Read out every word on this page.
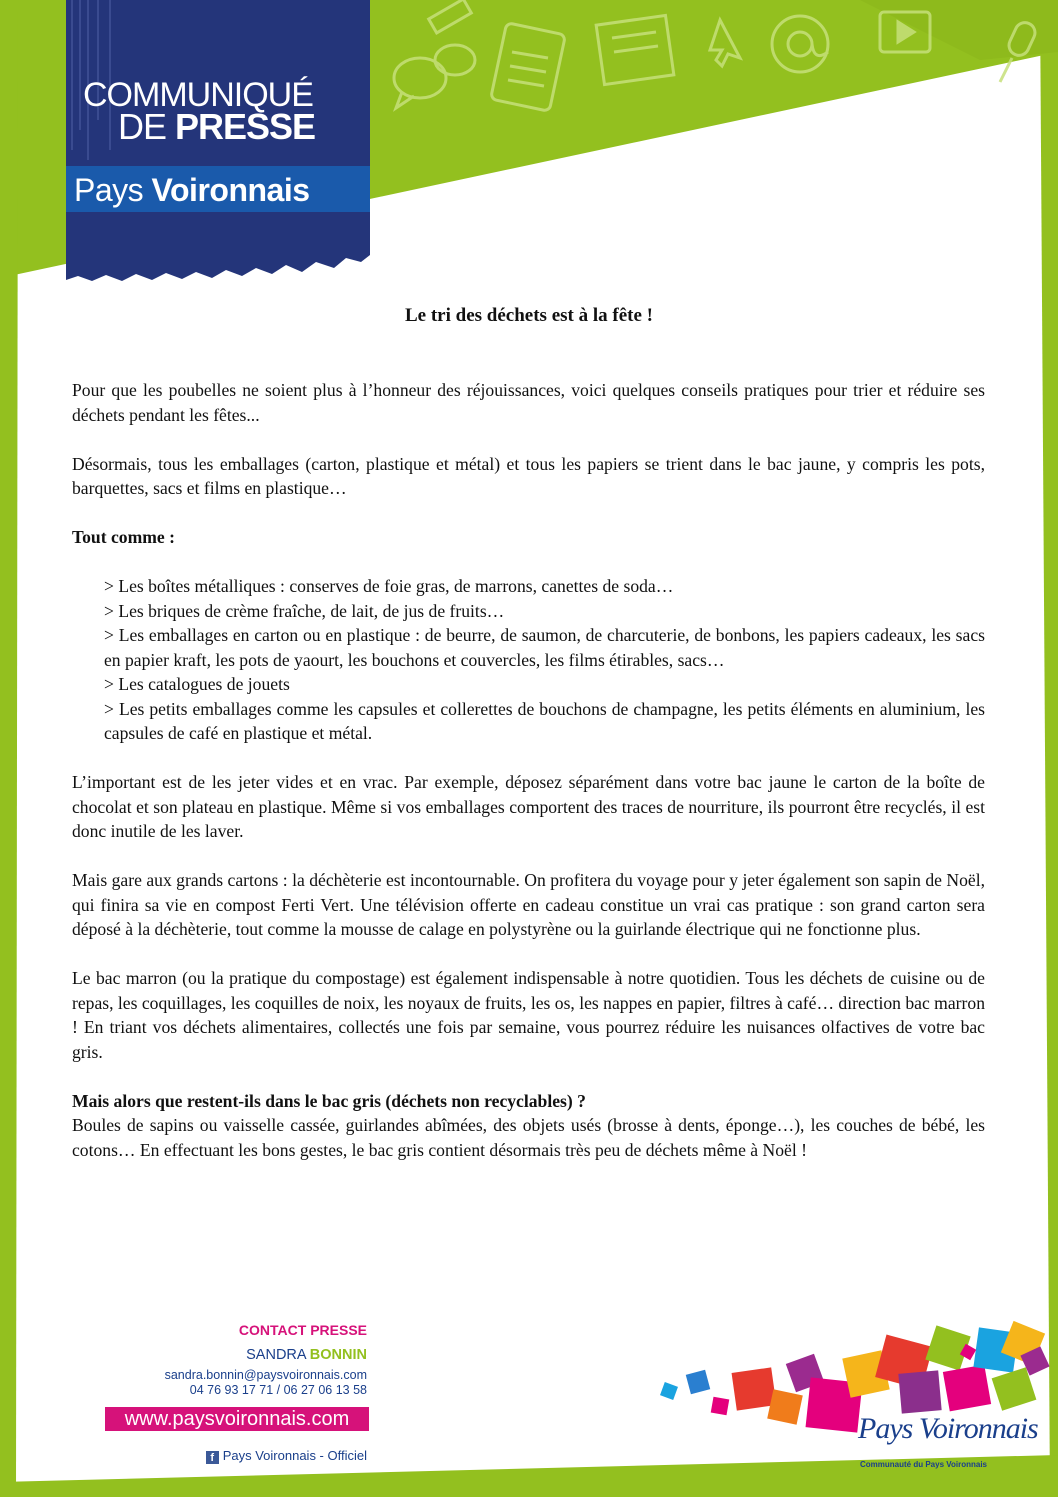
COMMUNIQUÉ
DE PRESSE
Pays Voironnais
Le tri des déchets est à la fête !

Pour que les poubelles ne soient plus à l’honneur des réjouissances, voici quelques conseils pratiques pour trier et réduire ses déchets pendant les fêtes...

Désormais, tous les emballages (carton, plastique et métal) et tous les papiers se trient dans le bac jaune, y compris les pots, barquettes, sacs et films en plastique…

Tout comme :

> Les boîtes métalliques : conserves de foie gras, de marrons, canettes de soda…
> Les briques de crème fraîche, de lait, de jus de fruits…
> Les emballages en carton ou en plastique : de beurre, de saumon, de charcuterie, de bonbons, les papiers cadeaux, les sacs en papier kraft, les pots de yaourt, les bouchons et couvercles, les films étirables, sacs…
> Les catalogues de jouets
> Les petits emballages comme les capsules et collerettes de bouchons de champagne, les petits éléments en aluminium, les capsules de café en plastique et métal.

L’important est de les jeter vides et en vrac. Par exemple, déposez séparément dans votre bac jaune le carton de la boîte de chocolat et son plateau en plastique. Même si vos emballages comportent des traces de nourriture, ils pourront être recyclés, il est donc inutile de les laver.

Mais gare aux grands cartons : la déchèterie est incontournable. On profitera du voyage pour y jeter également son sapin de Noël, qui finira sa vie en compost Ferti Vert. Une télévision offerte en cadeau constitue un vrai cas pratique : son grand carton sera déposé à la déchèterie, tout comme la mousse de calage en polystyrène ou la guirlande électrique qui ne fonctionne plus.

Le bac marron (ou la pratique du compostage) est également indispensable à notre quotidien. Tous les déchets de cuisine ou de repas, les coquillages, les coquilles de noix, les noyaux de fruits, les os, les nappes en papier, filtres à café… direction bac marron ! En triant vos déchets alimentaires, collectés une fois par semaine, vous pourrez réduire les nuisances olfactives de votre bac gris.

Mais alors que restent-ils dans le bac gris (déchets non recyclables) ?

Boules de sapins ou vaisselle cassée, guirlandes abîmées, des objets usés (brosse à dents, éponge…), les couches de bébé, les cotons… En effectuant les bons gestes, le bac gris contient désormais très peu de déchets même à Noël !

CONTACT PRESSE
SANDRA BONNIN
sandra.bonnin@paysvoironnais.com
04 76 93 17 71 / 06 27 06 13 58
www.paysvoironnais.com
f Pays Voironnais - Officiel
Pays Voironnais
Communauté du Pays Voironnais
